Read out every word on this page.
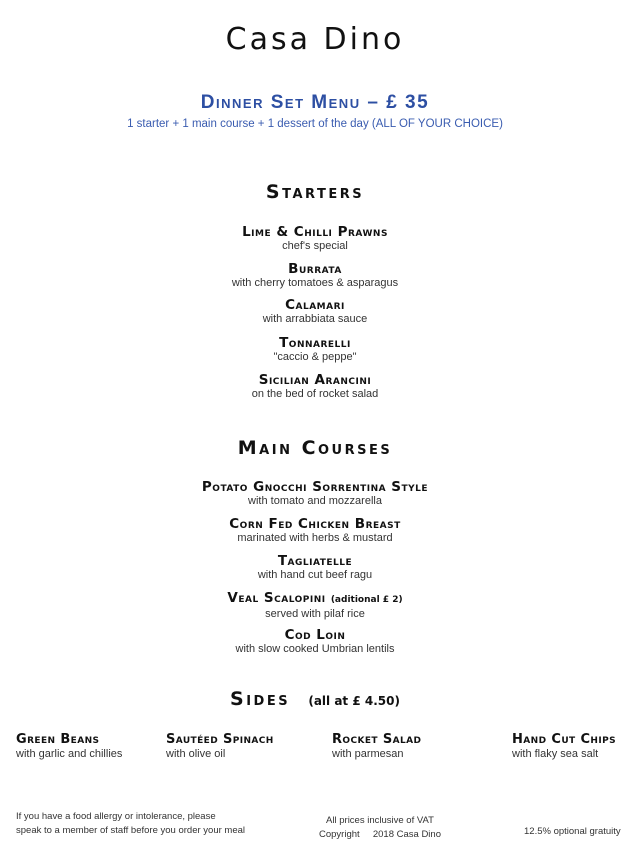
Casa Dino
Dinner Set Menu – £ 35
1 starter + 1 main course + 1 dessert of the day (ALL OF YOUR CHOICE)
Starters
Lime & Chilli Prawns
chef's special
Burrata
with cherry tomatoes & asparagus
Calamari
with arrabbiata sauce
Tonnarelli
"caccio & peppe"
Sicilian Arancini
on the bed of rocket salad
Main Courses
Potato Gnocchi Sorrentina Style
with tomato and mozzarella
Corn Fed Chicken Breast
marinated with herbs & mustard
Tagliatelle
with hand cut beef ragu
Veal Scalopini (aditional £ 2)
served with pilaf rice
Cod Loin
with slow cooked Umbrian lentils
Sides (all at £ 4.50)
Green Beans
with garlic and chillies
Sautéed Spinach
with olive oil
Rocket Salad
with parmesan
Hand Cut Chips
with flaky sea salt
If you have a food allergy or intolerance, please
speak to a member of staff before you order your meal
All prices inclusive of VAT
Copyright     2018 Casa Dino	12.5% optional gratuity
